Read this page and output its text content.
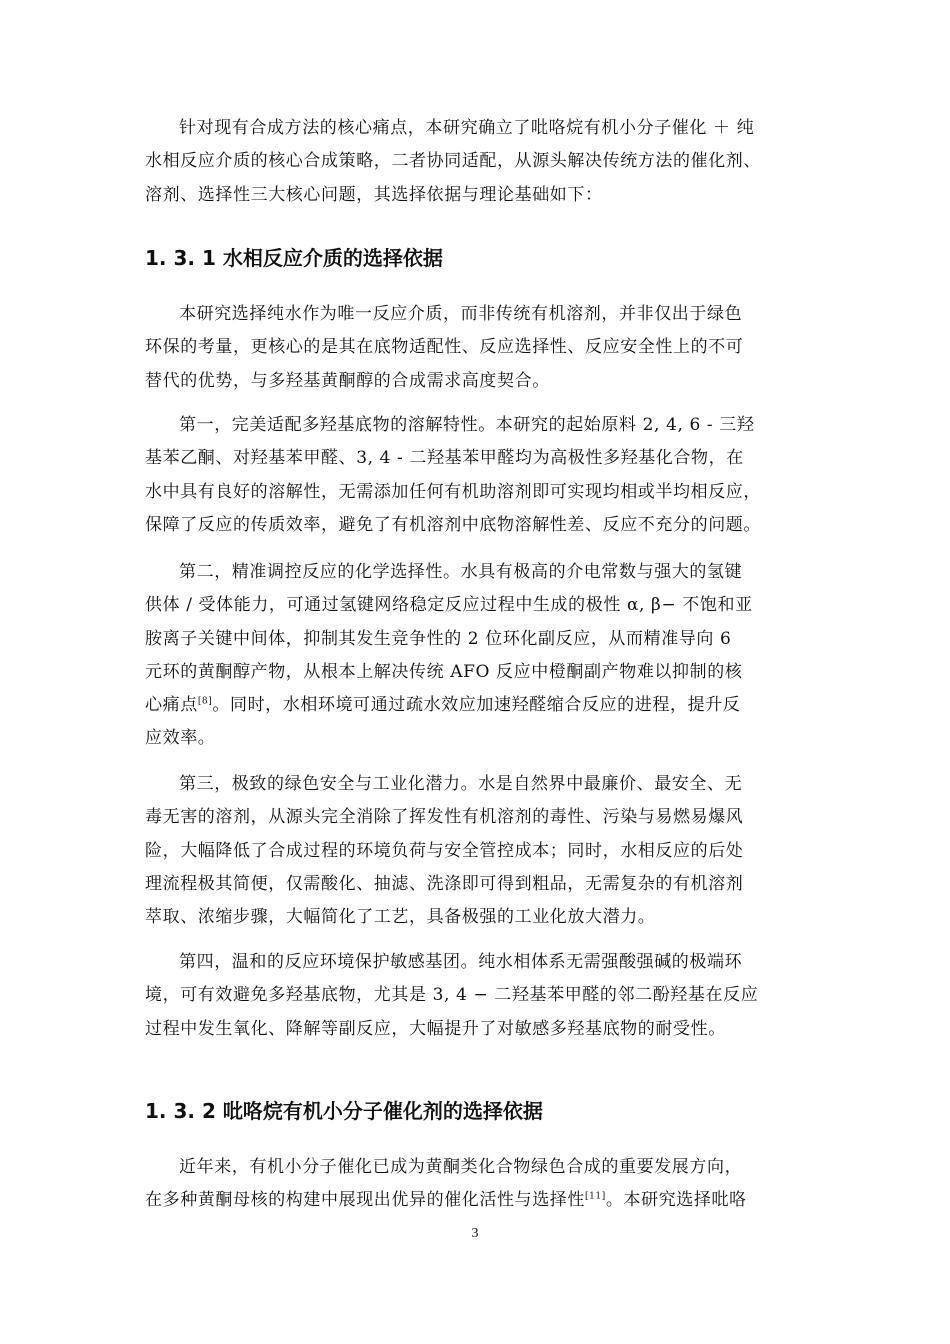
针对现有合成方法的核心痛点，本研究确立了吡咯烷有机小分子催化 ＋ 纯
水相反应介质的核心合成策略，二者协同适配，从源头解决传统方法的催化剂、
溶剂、选择性三大核心问题，其选择依据与理论基础如下：

1. 3. 1 水相反应介质的选择依据

本研究选择纯水作为唯一反应介质，而非传统有机溶剂，并非仅出于绿色
环保的考量，更核心的是其在底物适配性、反应选择性、反应安全性上的不可
替代的优势，与多羟基黄酮醇的合成需求高度契合。

第一，完美适配多羟基底物的溶解特性。本研究的起始原料 2, 4, 6 - 三羟
基苯乙酮、对羟基苯甲醛、3, 4 - 二羟基苯甲醛均为高极性多羟基化合物，在
水中具有良好的溶解性，无需添加任何有机助溶剂即可实现均相或半均相反应，
保障了反应的传质效率，避免了有机溶剂中底物溶解性差、反应不充分的问题。

第二，精准调控反应的化学选择性。水具有极高的介电常数与强大的氢键
供体 / 受体能力，可通过氢键网络稳定反应过程中生成的极性 α, β− 不饱和亚
胺离子关键中间体，抑制其发生竞争性的 2 位环化副反应，从而精准导向 6
元环的黄酮醇产物，从根本上解决传统 AFO 反应中橙酮副产物难以抑制的核
心痛点[8]。同时，水相环境可通过疏水效应加速羟醛缩合反应的进程，提升反
应效率。

第三，极致的绿色安全与工业化潜力。水是自然界中最廉价、最安全、无
毒无害的溶剂，从源头完全消除了挥发性有机溶剂的毒性、污染与易燃易爆风
险，大幅降低了合成过程的环境负荷与安全管控成本；同时，水相反应的后处
理流程极其简便，仅需酸化、抽滤、洗涤即可得到粗品，无需复杂的有机溶剂
萃取、浓缩步骤，大幅简化了工艺，具备极强的工业化放大潜力。

第四，温和的反应环境保护敏感基团。纯水相体系无需强酸强碱的极端环
境，可有效避免多羟基底物，尤其是 3, 4 − 二羟基苯甲醛的邻二酚羟基在反应
过程中发生氧化、降解等副反应，大幅提升了对敏感多羟基底物的耐受性。

1. 3. 2 吡咯烷有机小分子催化剂的选择依据

近年来，有机小分子催化已成为黄酮类化合物绿色合成的重要发展方向，
在多种黄酮母核的构建中展现出优异的催化活性与选择性[11]。本研究选择吡咯

3
